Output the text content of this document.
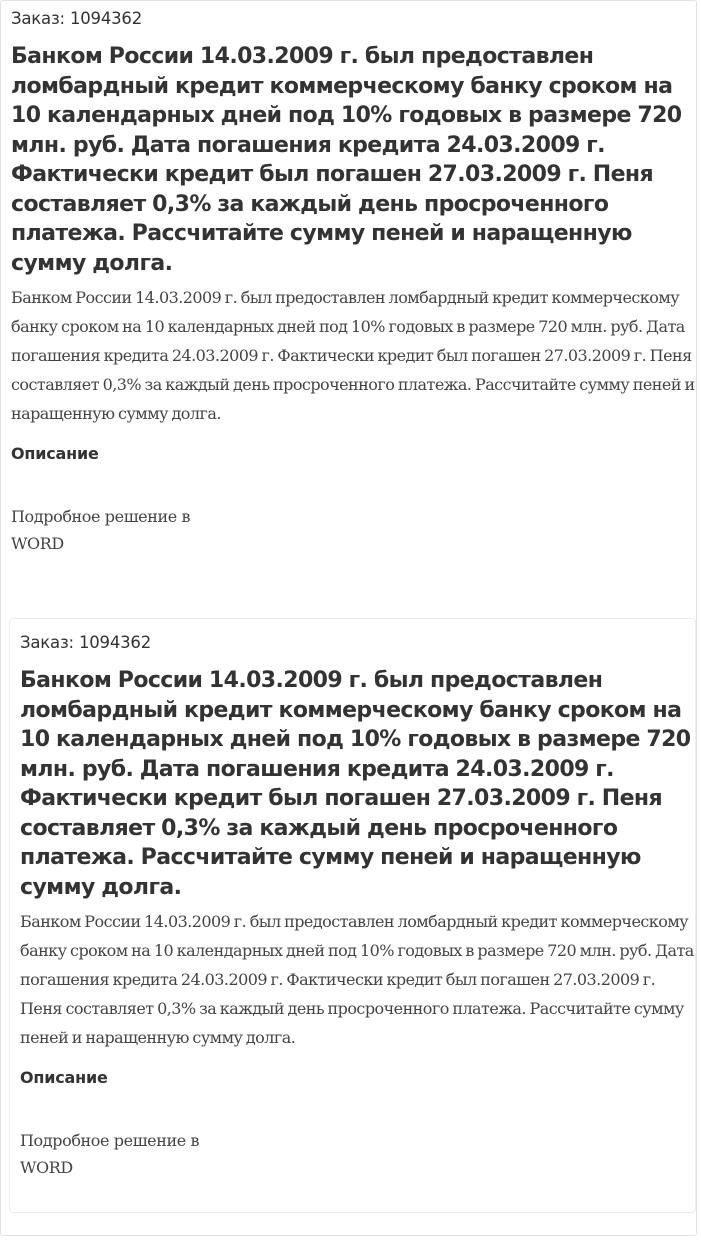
Заказ: 1094362
Банком России 14.03.2009 г. был предоставлен ломбардный кредит коммерческому банку сроком на 10 календарных дней под 10% годовых в размере 720 млн. руб. Дата погашения кредита 24.03.2009 г. Фактически кредит был погашен 27.03.2009 г. Пеня составляет 0,3% за каждый день просроченного платежа. Рассчитайте сумму пеней и наращенную сумму долга.
Банком России 14.03.2009 г. был предоставлен ломбардный кредит коммерческому банку сроком на 10 календарных дней под 10% годовых в размере 720 млн. руб. Дата погашения кредита 24.03.2009 г. Фактически кредит был погашен 27.03.2009 г. Пеня составляет 0,3% за каждый день просроченного платежа. Рассчитайте сумму пеней и наращенную сумму долга.
Описание
Подробное решение в WORD
Заказ: 1094362
Банком России 14.03.2009 г. был предоставлен ломбардный кредит коммерческому банку сроком на 10 календарных дней под 10% годовых в размере 720 млн. руб. Дата погашения кредита 24.03.2009 г. Фактически кредит был погашен 27.03.2009 г. Пеня составляет 0,3% за каждый день просроченного платежа. Рассчитайте сумму пеней и наращенную сумму долга.
Банком России 14.03.2009 г. был предоставлен ломбардный кредит коммерческому банку сроком на 10 календарных дней под 10% годовых в размере 720 млн. руб. Дата погашения кредита 24.03.2009 г. Фактически кредит был погашен 27.03.2009 г. Пеня составляет 0,3% за каждый день просроченного платежа. Рассчитайте сумму пеней и наращенную сумму долга.
Описание
Подробное решение в WORD
